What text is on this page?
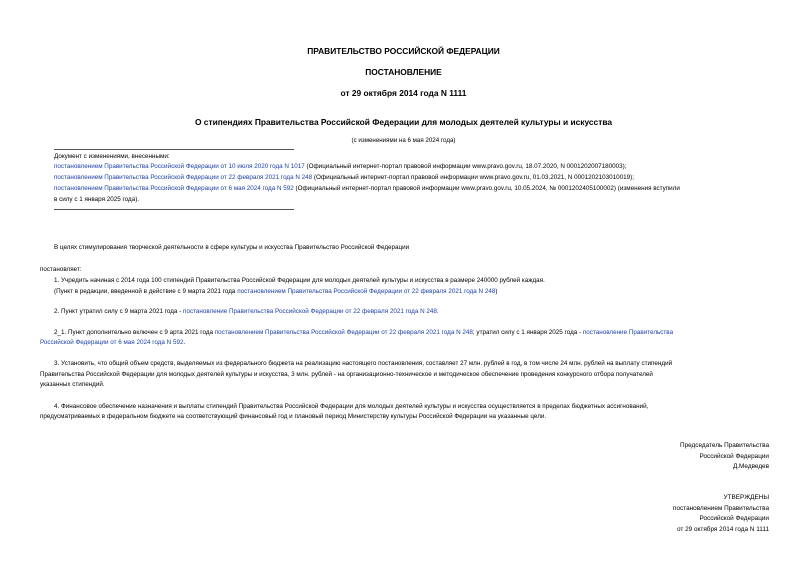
ПРАВИТЕЛЬСТВО РОССИЙСКОЙ ФЕДЕРАЦИИ
ПОСТАНОВЛЕНИЕ
от 29 октября 2014 года N 1111
О стипендиях Правительства Российской Федерации для молодых деятелей культуры и искусства
(с изменениями на 6 мая 2024 года)
Документ с изменениями, внесенными:
постановлением Правительства Российской Федерации от 10 июля 2020 года N 1017 (Официальный интернет-портал правовой информации www.pravo.gov.ru, 18.07.2020, N 0001202007180003);
постановлением Правительства Российской Федерации от 22 февраля 2021 года N 248 (Официальный интернет-портал правовой информации www.pravo.gov.ru, 01.03.2021, N 0001202103010019);
постановлением Правительства Российской Федерации от 6 мая 2024 года N 592 (Официальный интернет-портал правовой информации www.pravo.gov.ru, 10.05.2024, № 0001202405100002) (изменения вступили
в силу с 1 января 2025 года).
В целях стимулирования творческой деятельности в сфере культуры и искусства Правительство Российской Федерации
постановляет:
1. Учредить начиная с 2014 года 100 стипендий Правительства Российской Федерации для молодых деятелей культуры и искусства в размере 240000 рублей каждая.
(Пункт в редакции, введенной в действие с 9 марта 2021 года постановлением Правительства Российской Федерации от 22 февраля 2021 года N 248)
2. Пункт утратил силу с 9 марта 2021 года - постановление Правительства Российской Федерации от 22 февраля 2021 года N 248.
2_1. Пункт дополнительно включен с 9 арта 2021 года постановлением Правительства Российской Федерации от 22 февраля 2021 года N 248; утратил силу с 1 января 2025 года - постановление Правительства
Российской Федерации от 6 мая 2024 года N 592.
3. Установить, что общий объем средств, выделяемых из федерального бюджета на реализацию настоящего постановления, составляет 27 млн. рублей в год, в том числе 24 млн. рублей на выплату стипендий
Правительства Российской Федерации для молодых деятелей культуры и искусства, 3 млн. рублей - на организационно-техническое и методическое обеспечение проведения конкурсного отбора получателей
указанных стипендий.
4. Финансовое обеспечение назначения и выплаты стипендий Правительства Российской Федерации для молодых деятелей культуры и искусства осуществляется в пределах бюджетных ассигнований,
предусматриваемых в федеральном бюджете на соответствующий финансовый год и плановый период Министерству культуры Российской Федерации на указанные цели.
Председатель Правительства
Российской Федерации
Д.Медведев
УТВЕРЖДЕНЫ
постановлением Правительства
Российской Федерации
от 29 октября 2014 года N 1111
